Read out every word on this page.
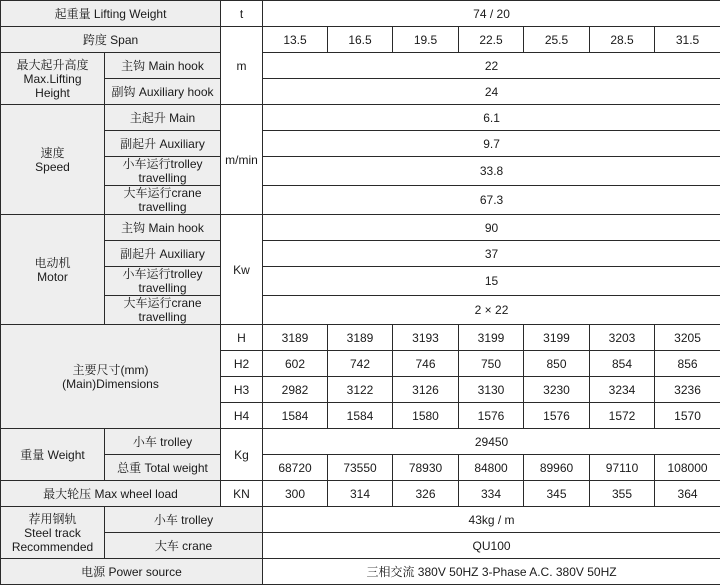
起重量 Lifting Weight		t	74 / 20						
跨度 Span		m	13.5	16.5	19.5	22.5	25.5	28.5	31.5

最大起升高度
Max.Lifting
Height	主钩 Main hook		22						
	副钩 Auxiliary hook		24						

速度
Speed	主起升 Main	m/min	6.1						
	副起升 Auxiliary		9.7						
	小车运行trolley travelling		33.8						
	大车运行crane travelling		67.3						

电动机
Motor	主钩 Main hook	Kw	90						
	副起升 Auxiliary		37						
	小车运行trolley travelling		15						
	大车运行crane travelling		2 × 22						

主要尺寸(mm)
(Main)Dimensions		H	3189	3189	3193	3199	3199	3203	3205
		H2	602	742	746	750	850	854	856
		H3	2982	3122	3126	3130	3230	3234	3236
		H4	1584	1584	1580	1576	1576	1572	1570
重量 Weight	小车 trolley	Kg	29450						
	总重 Total weight		68720	73550	78930	84800	89960	97110	108000
最大轮压 Max wheel load		KN	300	314	326	334	345	355	364

荐用钢轨
Steel track
Recommended	小车 trolley		43kg / m						
	大车 crane		QU100						
电源 Power source			三相交流 380V 50HZ 3-Phase A.C. 380V 50HZ						
